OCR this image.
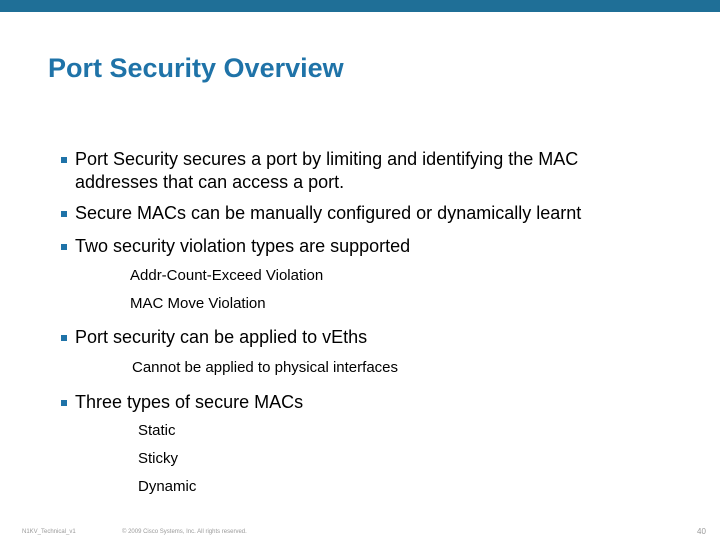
Port Security Overview
Port Security secures a port by limiting and identifying the MAC addresses that can access a port.
Secure MACs can be manually configured or dynamically learnt
Two security violation types are supported
Addr-Count-Exceed Violation
MAC Move Violation
Port security can be applied to vEths
Cannot be applied to physical interfaces
Three types of secure MACs
Static
Sticky
Dynamic
N1KV_Technical_v1	© 2009 Cisco Systems, Inc. All rights reserved.	40
